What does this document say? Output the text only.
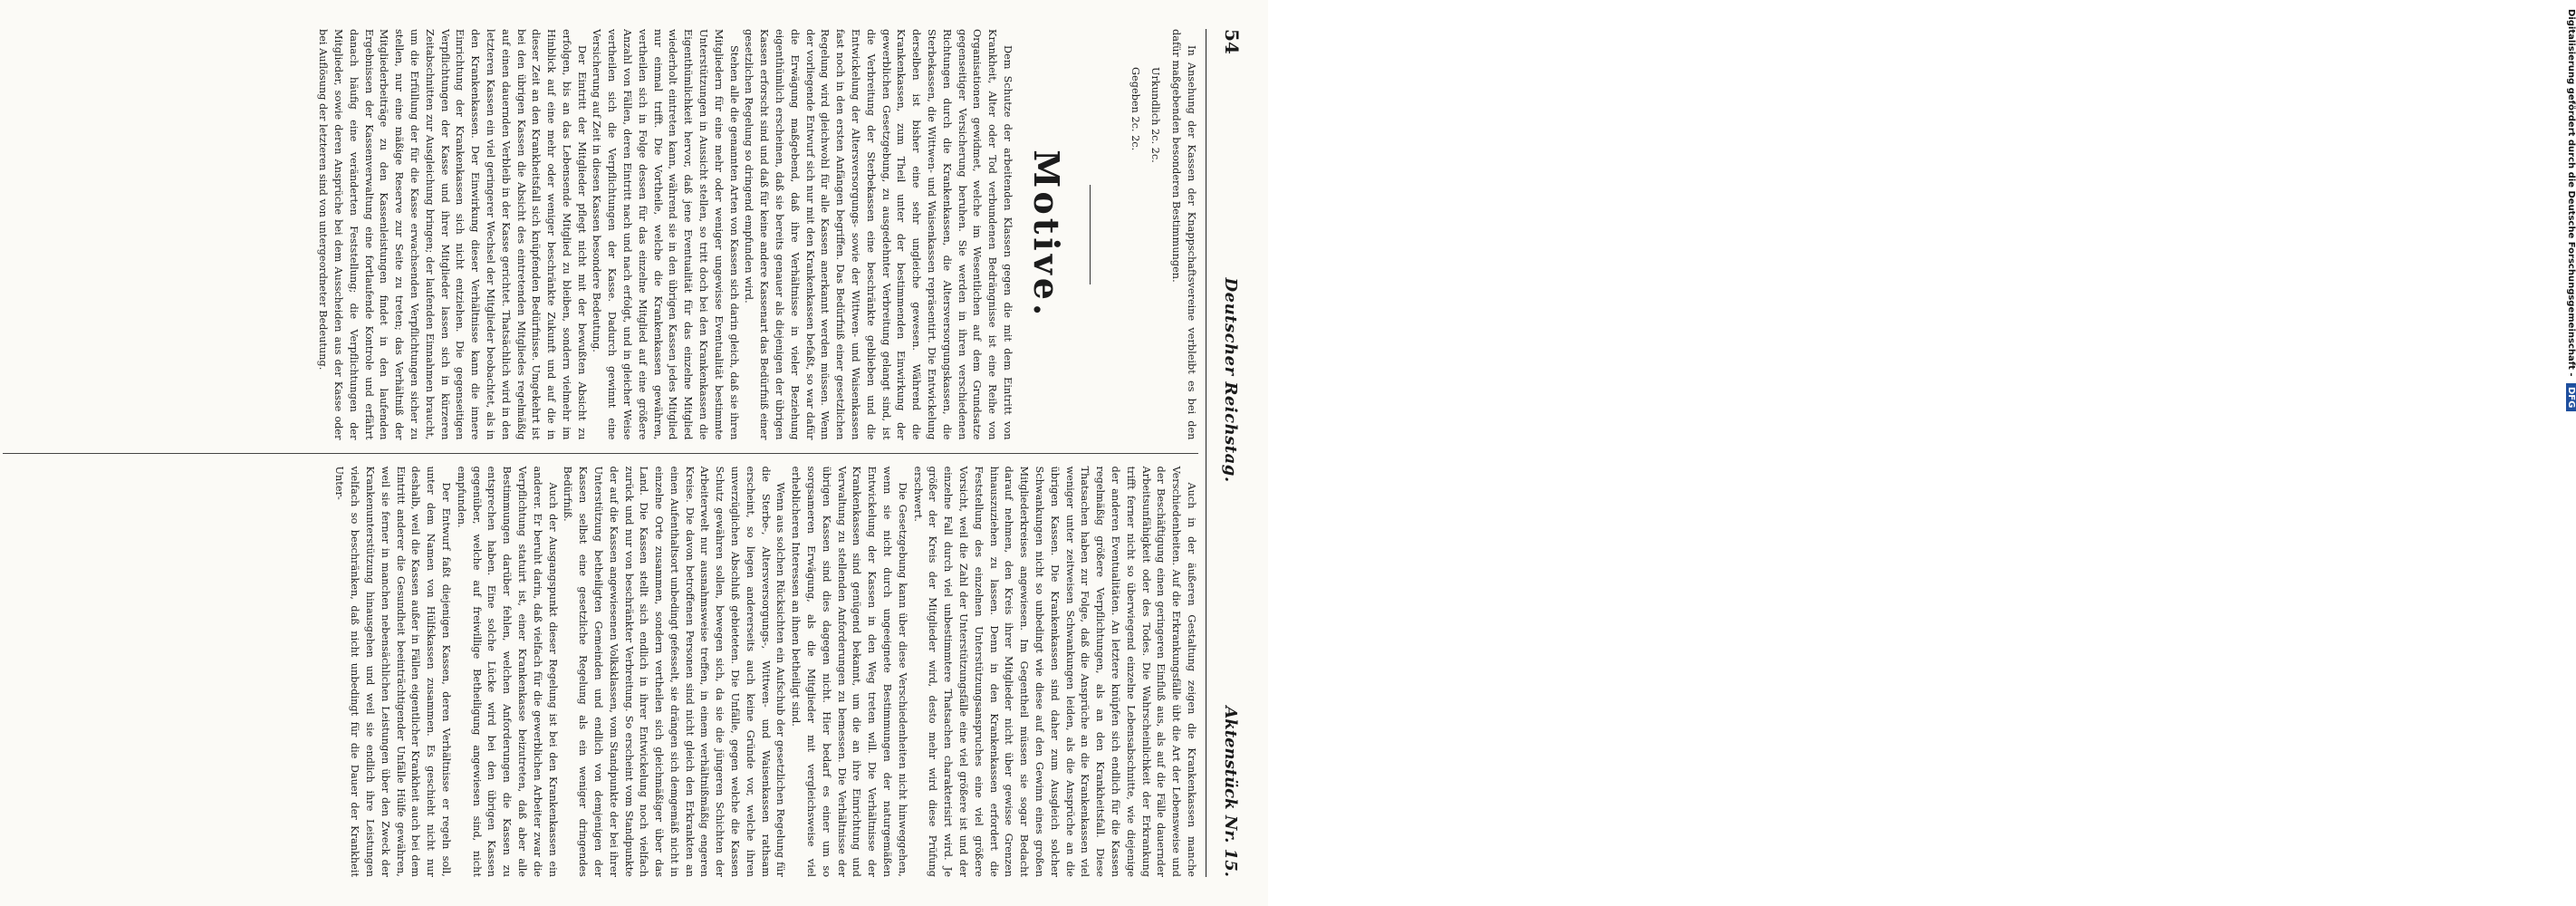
54
Deutscher Reichstag.
Aktenstück Nr. 15.

In Ansehung der Kassen der Knappschaftsvereine verbleibt es bei den dafür maßgebenden besonderen Bestimmungen.

Urkundlich 2c. 2c.
Gegeben 2c. 2c.
Motive.

Dem Schutze der arbeitenden Klassen gegen die mit dem Eintritt von Krankheit, Alter oder Tod verbundenen Bedrängnisse ist eine Reihe von Organisationen gewidmet, welche im Wesentlichen auf dem Grundsatze gegenseitiger Versicherung beruhen. Sie werden in ihren verschiedenen Richtungen durch die Krankenkassen, die Altersversorgungskassen, die Sterbekassen, die Wittwen- und Waisenkassen repräsentirt. Die Entwickelung derselben ist bisher eine sehr ungleiche gewesen. Während die Krankenkassen, zum Theil unter der bestimmenden Einwirkung der gewerblichen Gesetzgebung, zu ausgedehnter Verbreitung gelangt sind, ist die Verbreitung der Sterbekassen eine beschränkte geblieben und die Entwickelung der Altersversorgungs- sowie der Wittwen- und Waisenkassen fast noch in den ersten Anfängen begriffen. Das Bedürfniß einer gesetzlichen Regelung wird gleichwohl für alle Kassen anerkannt werden müssen. Wenn der vorliegende Entwurf sich nur mit den Krankenkassen befaßt, so war dafür die Erwägung maßgebend, daß ihre Verhältnisse in vieler Beziehung eigenthümlich erscheinen, daß sie bereits genauer als diejenigen der übrigen Kassen erforscht sind und daß für keine andere Kassenart das Bedürfniß einer gesetzlichen Regelung so dringend empfunden wird.

Stehen alle die genannten Arten von Kassen sich darin gleich, daß sie ihren Mitgliedern für eine mehr oder weniger ungewisse Eventualität bestimmte Unterstützungen in Aussicht stellen, so tritt doch bei den Krankenkassen die Eigenthümlichkeit hervor, daß jene Eventualität für das einzelne Mitglied wiederholt eintreten kann, während sie in den übrigen Kassen jedes Mitglied nur einmal trifft. Die Vortheile, welche die Krankenkassen gewähren, vertheilen sich in Folge dessen für das einzelne Mitglied auf eine größere Anzahl von Fällen, deren Eintritt nach und nach erfolgt, und in gleicher Weise vertheilen sich die Verpflichtungen der Kasse. Dadurch gewinnt eine Versicherung auf Zeit in diesen Kassen besondere Bedeutung.

Der Eintritt der Mitglieder pflegt nicht mit der bewußten Absicht zu erfolgen, bis an das Lebensende Mitglied zu bleiben, sondern vielmehr im Hinblick auf eine mehr oder weniger beschränkte Zukunft und auf die in dieser Zeit an den Krankheitsfall sich knüpfenden Bedürfnisse. Umgekehrt ist bei den übrigen Kassen die Absicht des eintretenden Mitgliedes regelmäßig auf einen dauernden Verbleib in der Kasse gerichtet. Thatsächlich wird in den letzteren Kassen ein viel geringerer Wechsel der Mitglieder beobachtet, als in den Krankenkassen. Der Einwirkung dieser Verhältnisse kann die innere Einrichtung der Krankenkassen sich nicht entziehen. Die gegenseitigen Verpflichtungen der Kasse und ihrer Mitglieder lassen sich in kürzeren Zeitabschnitten zur Ausgleichung bringen; der laufenden Einnahmen braucht, um die Erfüllung der für die Kasse erwachsenden Verpflichtungen sicher zu stellen, nur eine mäßige Reserve zur Seite zu treten; das Verhältniß der Mitgliederbeiträge zu den Kassenleistungen findet in den laufenden Ergebnissen der Kassenverwaltung eine fortlaufende Kontrole und erfährt danach häufig eine veränderten Feststellung; die Verpflichtungen der Mitglieder, sowie deren Ansprüche bei dem Ausscheiden aus der Kasse oder bei Auflösung der letzteren sind von untergeordneter Bedeutung.

Auch in der äußeren Gestaltung zeigen die Krankenkassen manche Verschiedenheiten. Auf die Erkrankungsfälle übt die Art der Lebensweise und der Beschäftigung einen geringeren Einfluß aus, als auf die Fälle dauernder Arbeitsunfähigkeit oder des Todes. Die Wahrscheinlichkeit der Erkrankung trifft ferner nicht so überwiegend einzelne Lebensabschnitte, wie diejenige der anderen Eventualitäten. An letztere knüpfen sich endlich für die Kassen regelmäßig größere Verpflichtungen, als an den Krankheitsfall. Diese Thatsachen haben zur Folge, daß die Ansprüche an die Krankenkassen viel weniger unter zeitweisen Schwankungen leiden, als die Ansprüche an die übrigen Kassen. Die Krankenkassen sind daher zum Ausgleich solcher Schwankungen nicht so unbedingt wie diese auf den Gewinn eines großen Mitgliederkreises angewiesen. Im Gegentheil müssen sie sogar Bedacht darauf nehmen, den Kreis ihrer Mitglieder nicht über gewisse Grenzen hinauszuziehen zu lassen. Denn in den Krankenkassen erfordert die Feststellung des einzelnen Unterstützungsanspruches eine viel größere Vorsicht, weil die Zahl der Unterstützungsfälle eine viel größere ist und der einzelne Fall durch viel unbestimmtere Thatsachen charakterisirt wird. Je größer der Kreis der Mitglieder wird, desto mehr wird diese Prüfung erschwert.

Die Gesetzgebung kann über diese Verschiedenheiten nicht hinweggehen, wenn sie nicht durch ungeeignete Bestimmungen der naturgemäßen Entwickelung der Kassen in den Weg treten will. Die Verhältnisse der Krankenkassen sind genügend bekannt, um die an ihre Einrichtung und Verwaltung zu stellenden Anforderungen zu bemessen. Die Verhältnisse der übrigen Kassen sind dies dagegen nicht. Hier bedarf es einer um so sorgsameren Erwägung, als die Mitglieder mit vergleichsweise viel erheblicheren Interessen an ihnen betheiligt sind.

Wenn aus solchen Rücksichten ein Aufschub der gesetzlichen Regelung für die Sterbe-, Altersversorgungs-, Wittwen- und Waisenkassen rathsam erscheint, so liegen andererseits auch keine Gründe vor, welche ihren unverzüglichen Abschluß gebieteten. Die Unfälle, gegen welche die Kassen Schutz gewähren sollen, bewegen sich, da sie die jüngeren Schichten der Arbeiterwelt nur ausnahmsweise treffen, in einem verhältnißmäßig engeren Kreise. Die davon betroffenen Personen sind nicht gleich den Erkrankten an einen Aufenthaltsort unbedingt gefesselt, sie drängen sich demgemäß nicht in einzelne Orte zusammen, sondern vertheilen sich gleichmäßiger über das Land. Die Kassen stellt sich endlich in ihrer Entwickelung noch vielfach zurück und nur von beschränkter Verbreitung. So erscheint vom Standpunkte der auf die Kassen angewiesenen Volksklassen, vom Standpunkte der bei ihrer Unterstützung betheiligten Gemeinden und endlich von demjenigen der Kassen selbst eine gesetzliche Regelung als ein weniger dringendes Bedürfniß.

Auch der Ausgangspunkt dieser Regelung ist bei den Krankenkassen ein anderer. Er beruht darin, daß vielfach für die gewerblichen Arbeiter zwar die Verpflichtung statuirt ist, einer Krankenkasse beizutreten, daß aber alle Bestimmungen darüber fehlen, welchen Anforderungen die Kassen zu entsprechen haben. Eine solche Lücke wird bei den übrigen Kassen gegenüber, welche auf freiwillige Betheiligung angewiesen sind, nicht empfunden.

Der Entwurf faßt diejenigen Kassen, deren Verhältnisse er regeln soll, unter dem Namen von Hülfskassen zusammen. Es geschieht nicht nur deshalb, weil die Kassen außer in Fällen eigentlicher Krankheit auch bei dem Eintritt anderer die Gesundheit beeinträchtigender Unfälle Hülfe gewähren, weil sie ferner in manchen nebensächlichen Leistungen über den Zweck der Krankenunterstützung hinausgehen und weil sie endlich ihre Leistungen vielfach so beschränken, daß nicht unbedingt für die Dauer der Krankheit Unter-

Digitalisierung gefördert durch die Deutsche Forschungsgemeinschaft - DFG
